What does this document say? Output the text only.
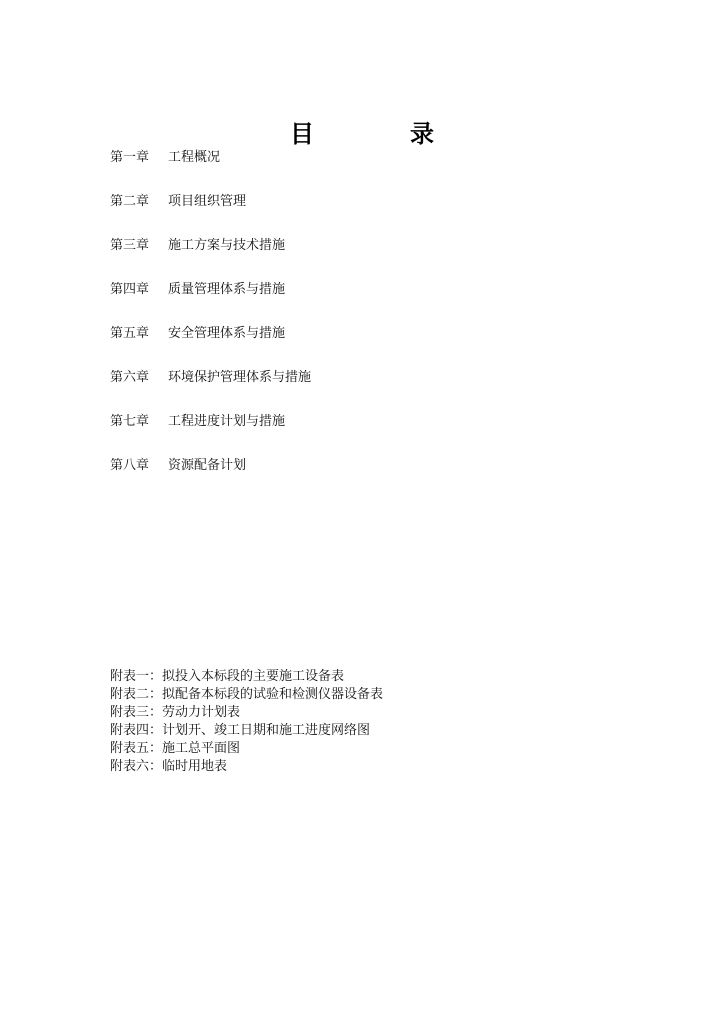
目　录
第一章	工程概况
第二章	项目组织管理
第三章	施工方案与技术措施
第四章	质量管理体系与措施
第五章	安全管理体系与措施
第六章	环境保护管理体系与措施
第七章	工程进度计划与措施
第八章	资源配备计划
附表一：拟投入本标段的主要施工设备表
附表二：拟配备本标段的试验和检测仪器设备表
附表三：劳动力计划表
附表四：计划开、竣工日期和施工进度网络图
附表五：施工总平面图
附表六：临时用地表
